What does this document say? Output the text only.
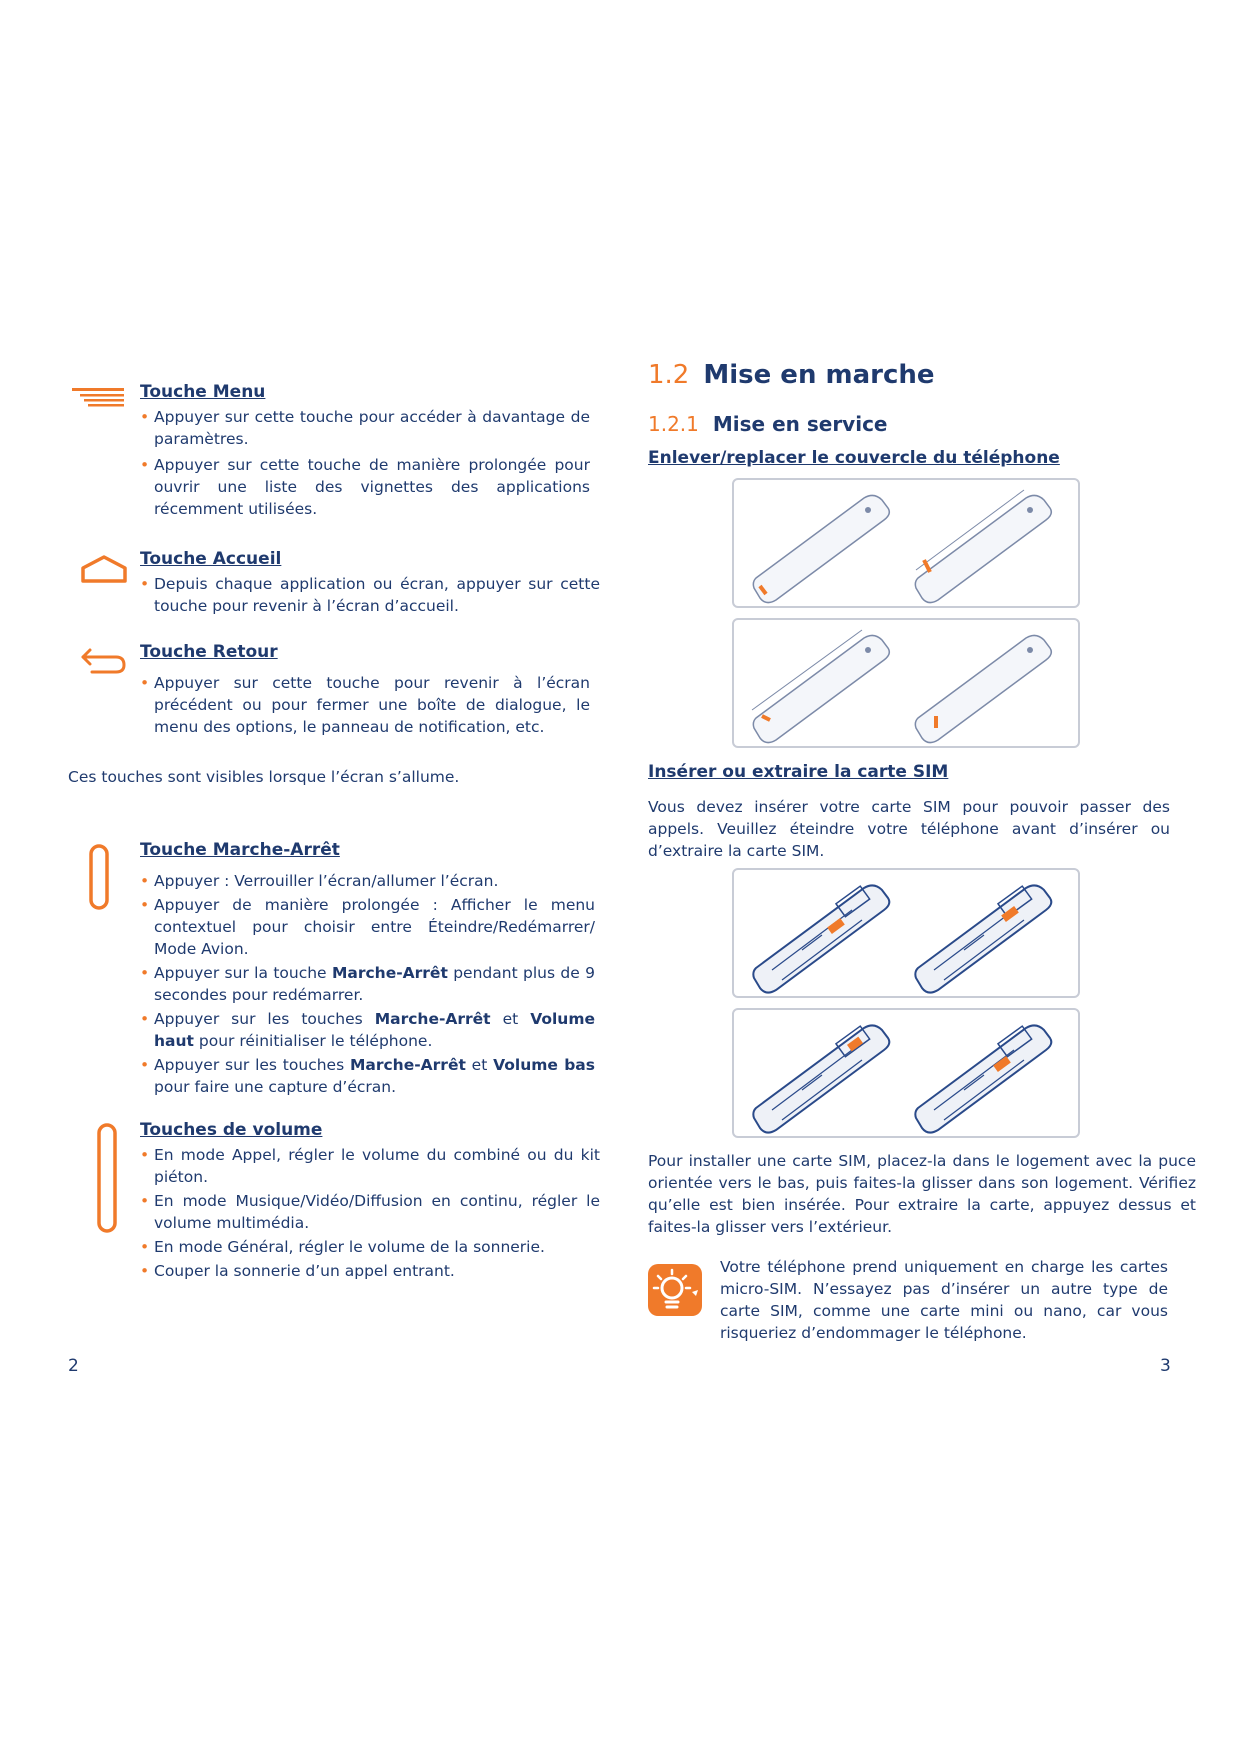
Touche Menu

• Appuyer sur cette touche pour accéder à davantage de paramètres.
• Appuyer sur cette touche de manière prolongée pour ouvrir une liste des vignettes des applications récemment utilisées.

Touche Accueil

• Depuis chaque application ou écran, appuyer sur cette touche pour revenir à l’écran d’accueil.

Touche Retour

• Appuyer sur cette touche pour revenir à l’écran précédent ou pour fermer une boîte de dialogue, le menu des options, le panneau de notification, etc.
Ces touches sont visibles lorsque l’écran s’allume.

Touche Marche-Arrêt

• Appuyer : Verrouiller l’écran/allumer l’écran.
• Appuyer de manière prolongée : Afficher le menu contextuel pour choisir entre Éteindre/Redémarrer/ Mode Avion.
• Appuyer sur la touche Marche-Arrêt pendant plus de 9 secondes pour redémarrer.
• Appuyer sur les touches Marche-Arrêt et Volume haut pour réinitialiser le téléphone.
• Appuyer sur les touches Marche-Arrêt et Volume bas pour faire une capture d’écran.

Touches de volume

• En mode Appel, régler le volume du combiné ou du kit piéton.
• En mode Musique/Vidéo/Diffusion en continu, régler le volume multimédia.
• En mode Général, régler le volume de la sonnerie.
• Couper la sonnerie d’un appel entrant.
2
1.2 Mise en marche
1.2.1 Mise en service

Enlever/replacer le couvercle du téléphone

Insérer ou extraire la carte SIM

Vous devez insérer votre carte SIM pour pouvoir passer des appels. Veuillez éteindre votre téléphone avant d’insérer ou d’extraire la carte SIM.
Pour installer une carte SIM, placez-la dans le logement avec la puce orientée vers le bas, puis faites-la glisser dans son logement. Vérifiez qu’elle est bien insérée. Pour extraire la carte, appuyez dessus et faites-la glisser vers l’extérieur.
Votre téléphone prend uniquement en charge les cartes micro-SIM. N’essayez pas d’insérer un autre type de carte SIM, comme une carte mini ou nano, car vous risqueriez d’endommager le téléphone.
3
